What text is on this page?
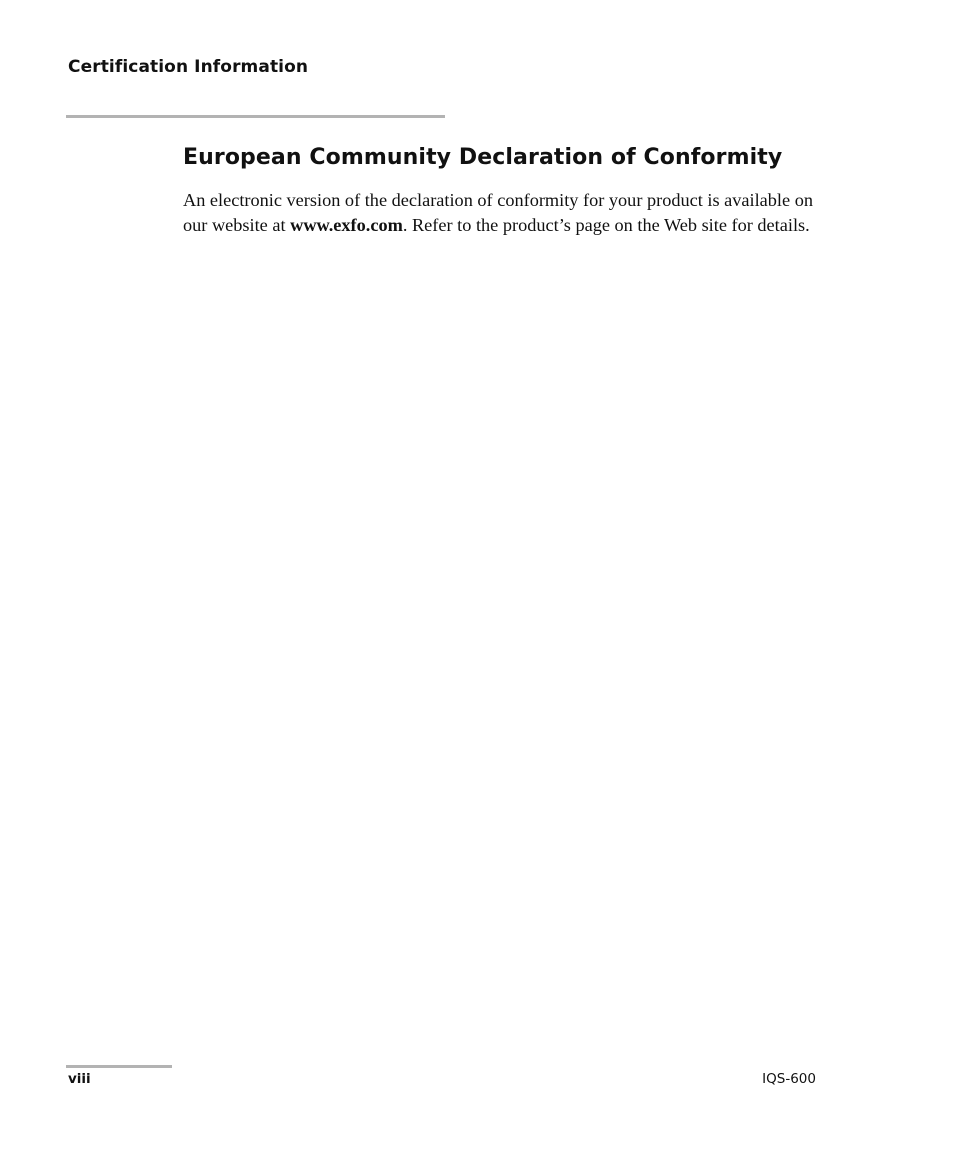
Certification Information
European Community Declaration of Conformity

An electronic version of the declaration of conformity for your product is available on our website at www.exfo.com. Refer to the product’s page on the Web site for details.

viii	IQS-600
